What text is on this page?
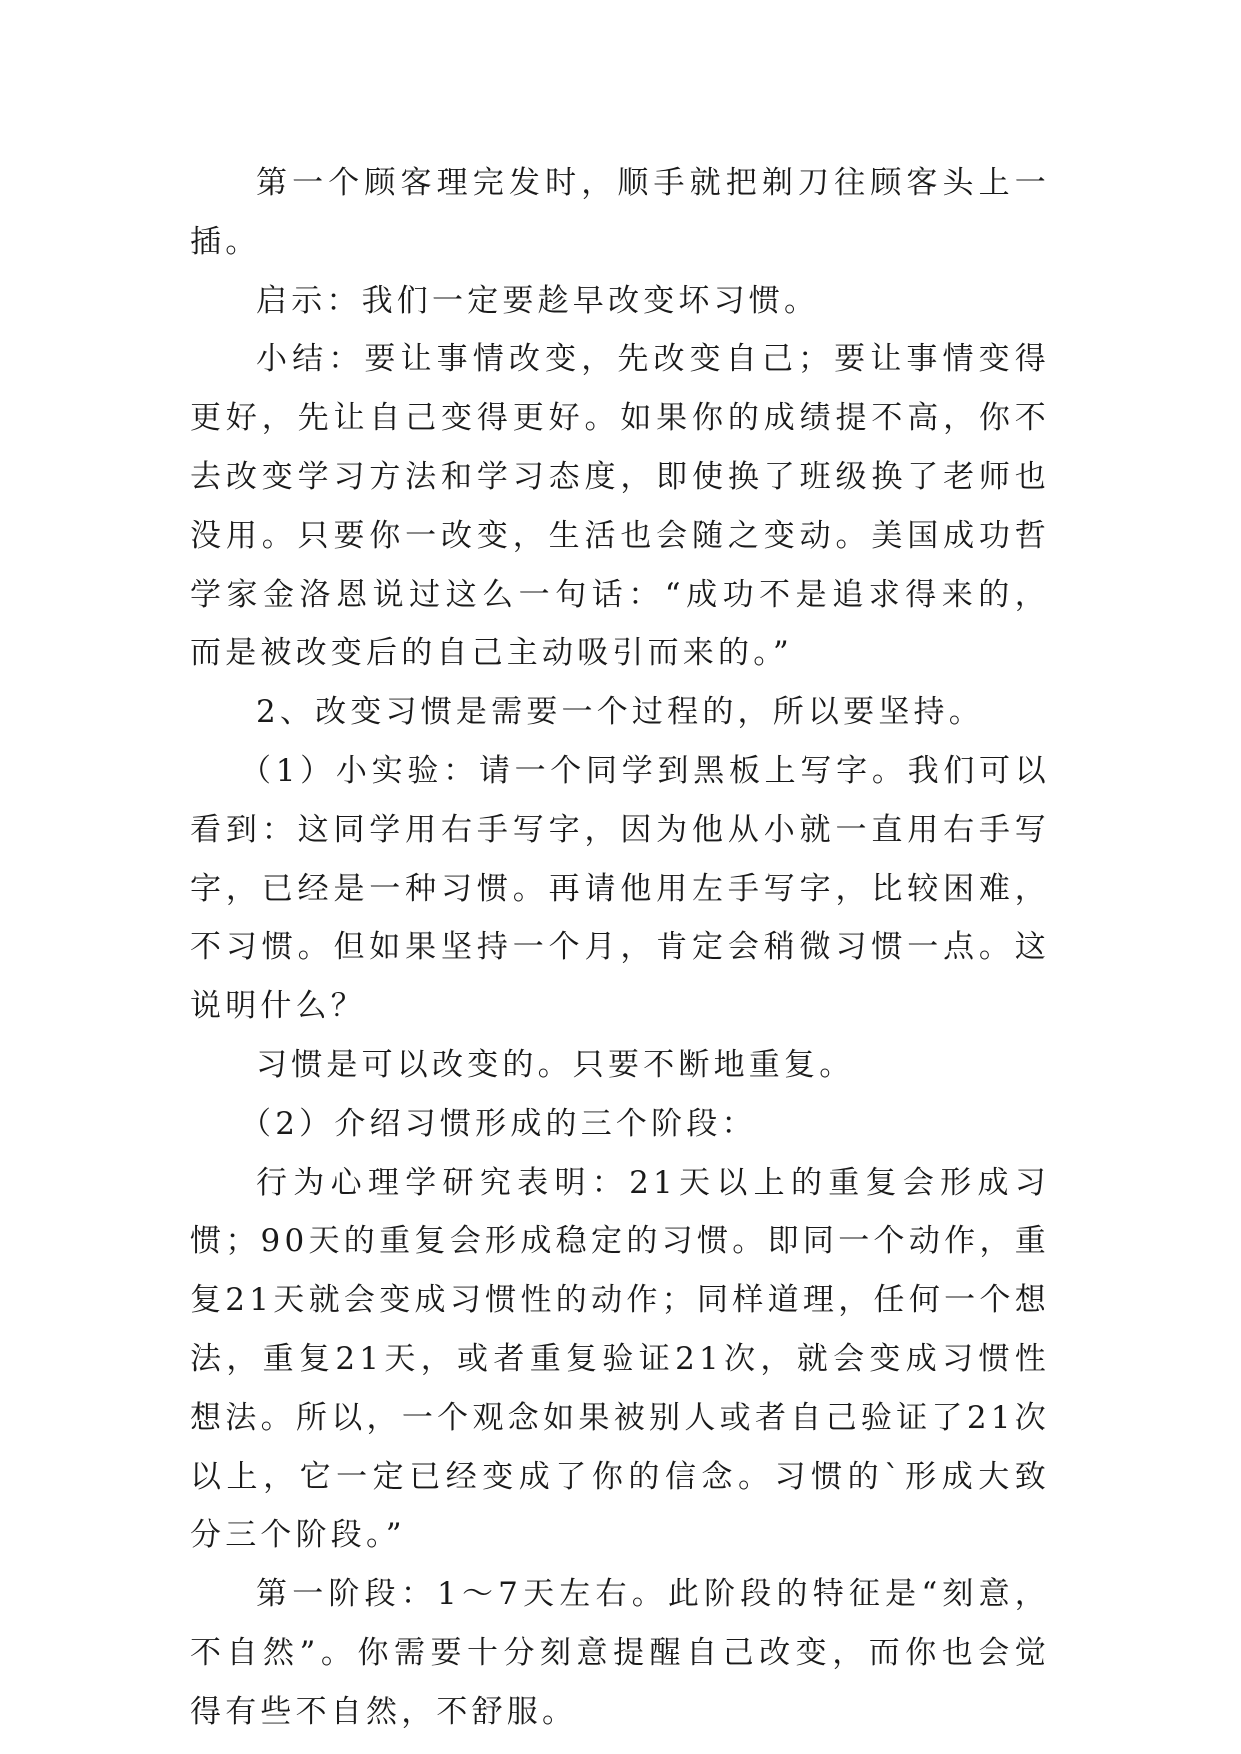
第一个顾客理完发时，顺手就把剃刀往顾客头上一插。

启示：我们一定要趁早改变坏习惯。

小结：要让事情改变，先改变自己；要让事情变得更好，先让自己变得更好。如果你的成绩提不高，你不去改变学习方法和学习态度，即使换了班级换了老师也没用。只要你一改变，生活也会随之变动。美国成功哲学家金洛恩说过这么一句话：“成功不是追求得来的，而是被改变后的自己主动吸引而来的。”

2、改变习惯是需要一个过程的，所以要坚持。

（1）小实验：请一个同学到黑板上写字。我们可以看到：这同学用右手写字，因为他从小就一直用右手写字，已经是一种习惯。再请他用左手写字，比较困难，不习惯。但如果坚持一个月，肯定会稍微习惯一点。这说明什么？

习惯是可以改变的。只要不断地重复。

（2）介绍习惯形成的三个阶段：

行为心理学研究表明：21天以上的重复会形成习惯；90天的重复会形成稳定的习惯。即同一个动作，重复21天就会变成习惯性的动作；同样道理，任何一个想法，重复21天，或者重复验证21次，就会变成习惯性想法。所以，一个观念如果被别人或者自己验证了21次以上，它一定已经变成了你的信念。习惯的`形成大致分三个阶段。”

第一阶段：1～7天左右。此阶段的特征是“刻意，不自然”。你需要十分刻意提醒自己改变，而你也会觉得有些不自然，不舒服。
